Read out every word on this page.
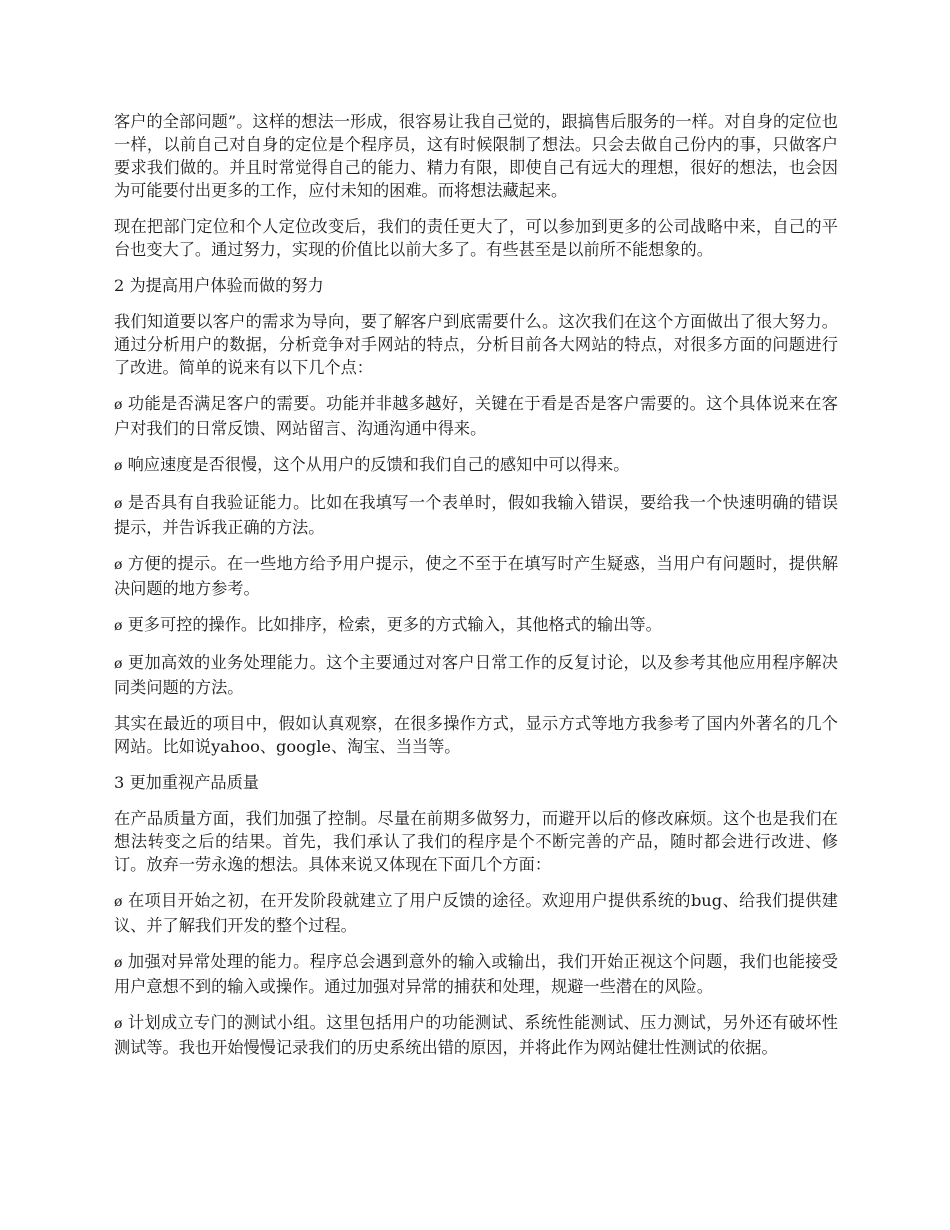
客户的全部问题”。这样的想法一形成，很容易让我自己觉的，跟搞售后服务的一样。对自身的定位也一样，以前自己对自身的定位是个程序员，这有时候限制了想法。只会去做自己份内的事，只做客户要求我们做的。并且时常觉得自己的能力、精力有限，即使自己有远大的理想，很好的想法，也会因为可能要付出更多的工作，应付未知的困难。而将想法藏起来。

现在把部门定位和个人定位改变后，我们的责任更大了，可以参加到更多的公司战略中来，自己的平台也变大了。通过努力，实现的价值比以前大多了。有些甚至是以前所不能想象的。

2 为提高用户体验而做的努力

我们知道要以客户的需求为导向，要了解客户到底需要什么。这次我们在这个方面做出了很大努力。通过分析用户的数据，分析竞争对手网站的特点，分析目前各大网站的特点，对很多方面的问题进行了改进。简单的说来有以下几个点：

ø 功能是否满足客户的需要。功能并非越多越好，关键在于看是否是客户需要的。这个具体说来在客户对我们的日常反馈、网站留言、沟通沟通中得来。

ø 响应速度是否很慢，这个从用户的反馈和我们自己的感知中可以得来。

ø 是否具有自我验证能力。比如在我填写一个表单时，假如我输入错误，要给我一个快速明确的错误提示，并告诉我正确的方法。

ø 方便的提示。在一些地方给予用户提示，使之不至于在填写时产生疑惑，当用户有问题时，提供解决问题的地方参考。

ø 更多可控的操作。比如排序，检索，更多的方式输入，其他格式的输出等。

ø 更加高效的业务处理能力。这个主要通过对客户日常工作的反复讨论，以及参考其他应用程序解决同类问题的方法。

其实在最近的项目中，假如认真观察，在很多操作方式，显示方式等地方我参考了国内外著名的几个网站。比如说yahoo、google、淘宝、当当等。

3 更加重视产品质量

在产品质量方面，我们加强了控制。尽量在前期多做努力，而避开以后的修改麻烦。这个也是我们在想法转变之后的结果。首先，我们承认了我们的程序是个不断完善的产品，随时都会进行改进、修订。放弃一劳永逸的想法。具体来说又体现在下面几个方面：

ø 在项目开始之初，在开发阶段就建立了用户反馈的途径。欢迎用户提供系统的bug、给我们提供建议、并了解我们开发的整个过程。

ø 加强对异常处理的能力。程序总会遇到意外的输入或输出，我们开始正视这个问题，我们也能接受用户意想不到的输入或操作。通过加强对异常的捕获和处理，规避一些潜在的风险。

ø 计划成立专门的测试小组。这里包括用户的功能测试、系统性能测试、压力测试，另外还有破坏性测试等。我也开始慢慢记录我们的历史系统出错的原因，并将此作为网站健壮性测试的依据。
